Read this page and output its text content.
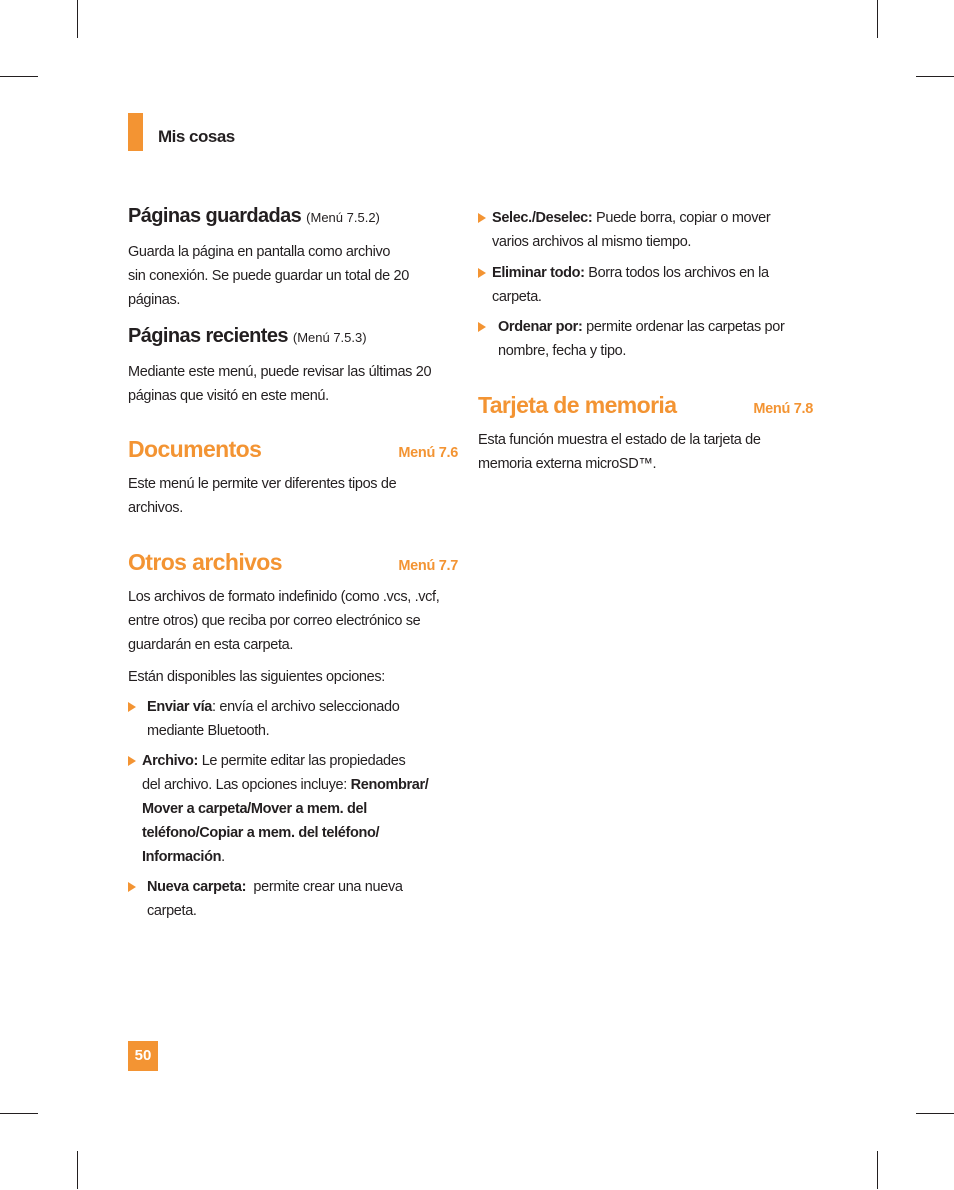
Mis cosas
Páginas guardadas (Menú 7.5.2)
Guarda la página en pantalla como archivo
sin conexión. Se puede guardar un total de 20
páginas.
Páginas recientes (Menú 7.5.3)
Mediante este menú, puede revisar las últimas 20
páginas que visitó en este menú.
Documentos	Menú 7.6
Este menú le permite ver diferentes tipos de
archivos.
Otros archivos	Menú 7.7
Los archivos de formato indefinido (como .vcs, .vcf,
entre otros) que reciba por correo electrónico se
guardarán en esta carpeta.
Están disponibles las siguientes opciones:
Enviar vía: envía el archivo seleccionado
mediante Bluetooth.
Archivo: Le permite editar las propiedades
del archivo. Las opciones incluye: Renombrar/
Mover a carpeta/Mover a mem. del
teléfono/Copiar a mem. del teléfono/
Información.
Nueva carpeta:  permite crear una nueva
carpeta.
Selec./Deselec: Puede borra, copiar o mover
varios archivos al mismo tiempo.
Eliminar todo: Borra todos los archivos en la
carpeta.
Ordenar por: permite ordenar las carpetas por
nombre, fecha y tipo.
Tarjeta de memoria	Menú 7.8
Esta función muestra el estado de la tarjeta de
memoria externa microSD™.
50
